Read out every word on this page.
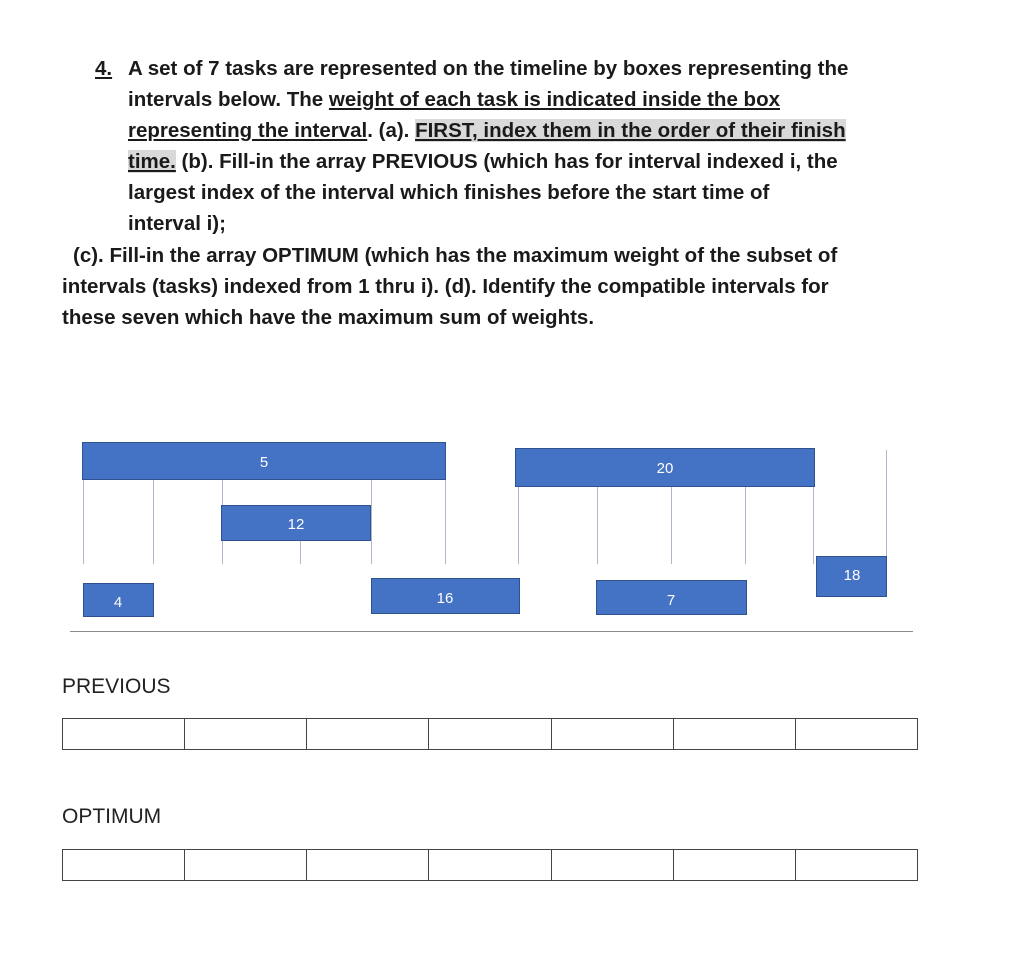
4. A set of 7 tasks are represented on the timeline by boxes representing the
intervals below. The weight of each task is indicated inside the box
representing the interval. (a). FIRST, index them in the order of their finish
time. (b). Fill-in the array PREVIOUS (which has for interval indexed i, the
largest index of the interval which finishes before the start time of
interval i);
(c). Fill-in the array OPTIMUM (which has the maximum weight of the subset of
intervals (tasks) indexed from 1 thru i). (d). Identify the compatible intervals for
these seven which have the maximum sum of weights.
5	20
12
18
4	16	7
PREVIOUS
OPTIMUM
